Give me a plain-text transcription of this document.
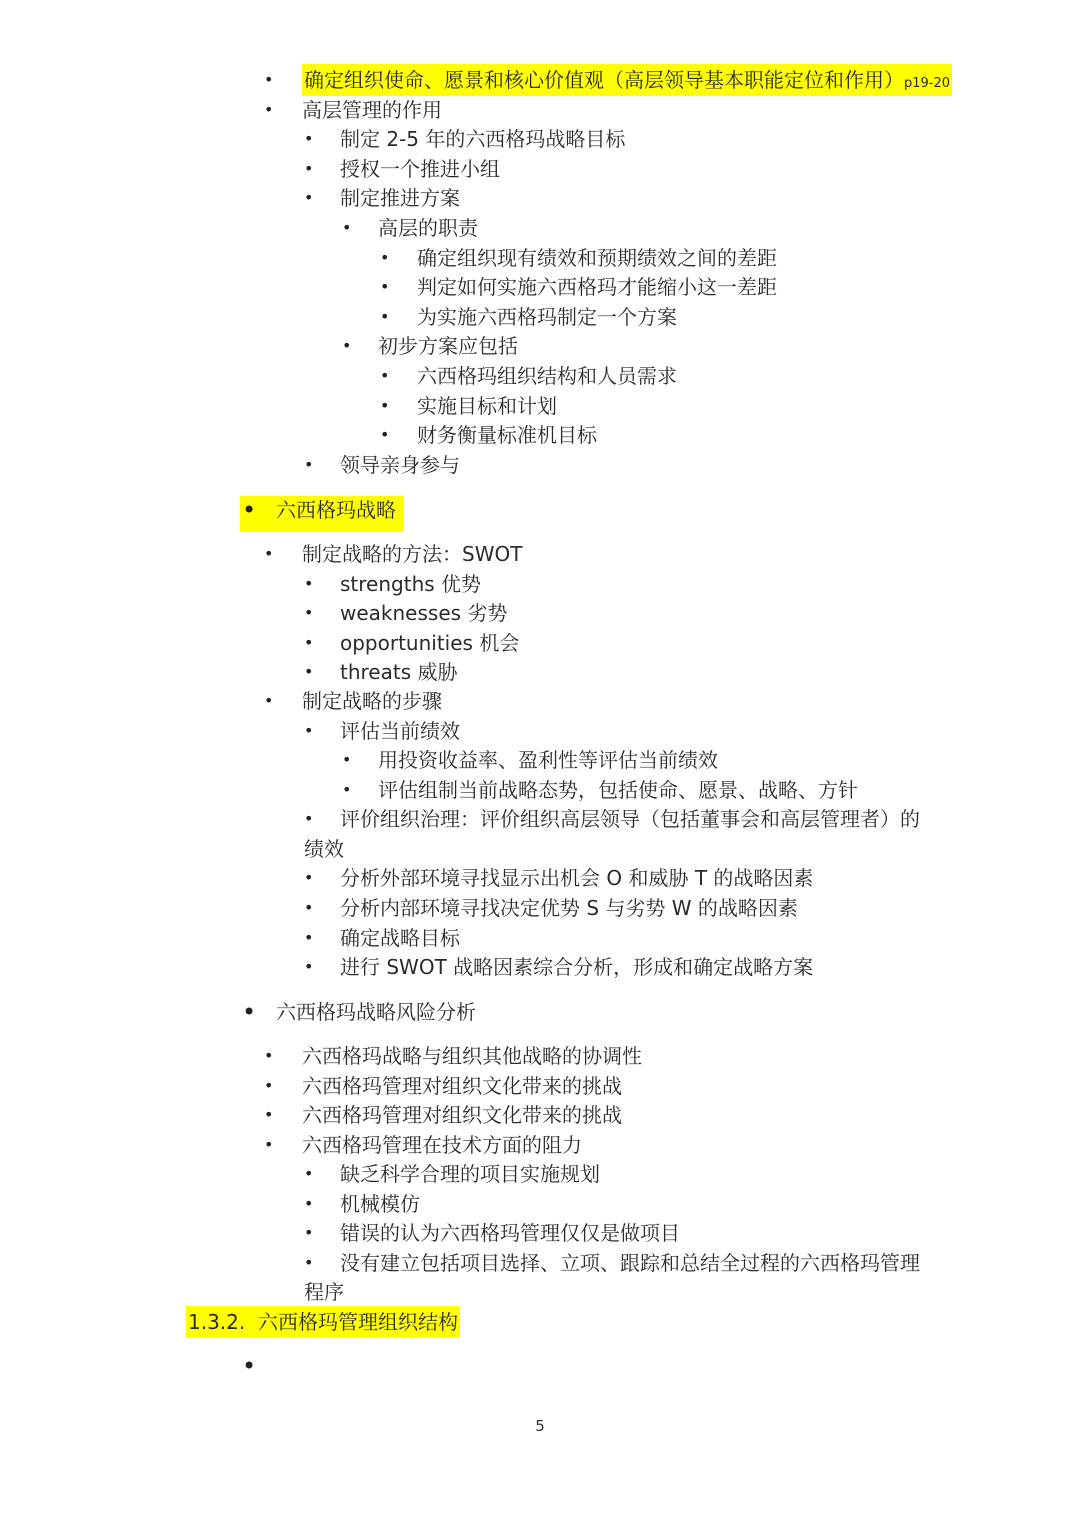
• 确定组织使命、愿景和核心价值观（高层领导基本职能定位和作用）p19-20
• 高层管理的作用
• 制定 2-5 年的六西格玛战略目标
• 授权一个推进小组
• 制定推进方案
• 高层的职责
• 确定组织现有绩效和预期绩效之间的差距
• 判定如何实施六西格玛才能缩小这一差距
• 为实施六西格玛制定一个方案
• 初步方案应包括
• 六西格玛组织结构和人员需求
• 实施目标和计划
• 财务衡量标准机目标
• 领导亲身参与
• 六西格玛战略
• 制定战略的方法：SWOT
• strengths 优势
• weaknesses 劣势
• opportunities 机会
• threats 威胁
• 制定战略的步骤
• 评估当前绩效
• 用投资收益率、盈利性等评估当前绩效
• 评估组制当前战略态势，包括使命、愿景、战略、方针
• 评价组织治理：评价组织高层领导（包括董事会和高层管理者）的
绩效
• 分析外部环境寻找显示出机会 O 和威胁 T 的战略因素
• 分析内部环境寻找决定优势 S 与劣势 W 的战略因素
• 确定战略目标
• 进行 SWOT 战略因素综合分析，形成和确定战略方案
• 六西格玛战略风险分析
• 六西格玛战略与组织其他战略的协调性
• 六西格玛管理对组织文化带来的挑战
• 六西格玛管理对组织文化带来的挑战
• 六西格玛管理在技术方面的阻力
• 缺乏科学合理的项目实施规划
• 机械模仿
• 错误的认为六西格玛管理仅仅是做项目
• 没有建立包括项目选择、立项、跟踪和总结全过程的六西格玛管理
程序
1.3.2. 六西格玛管理组织结构
•
5
